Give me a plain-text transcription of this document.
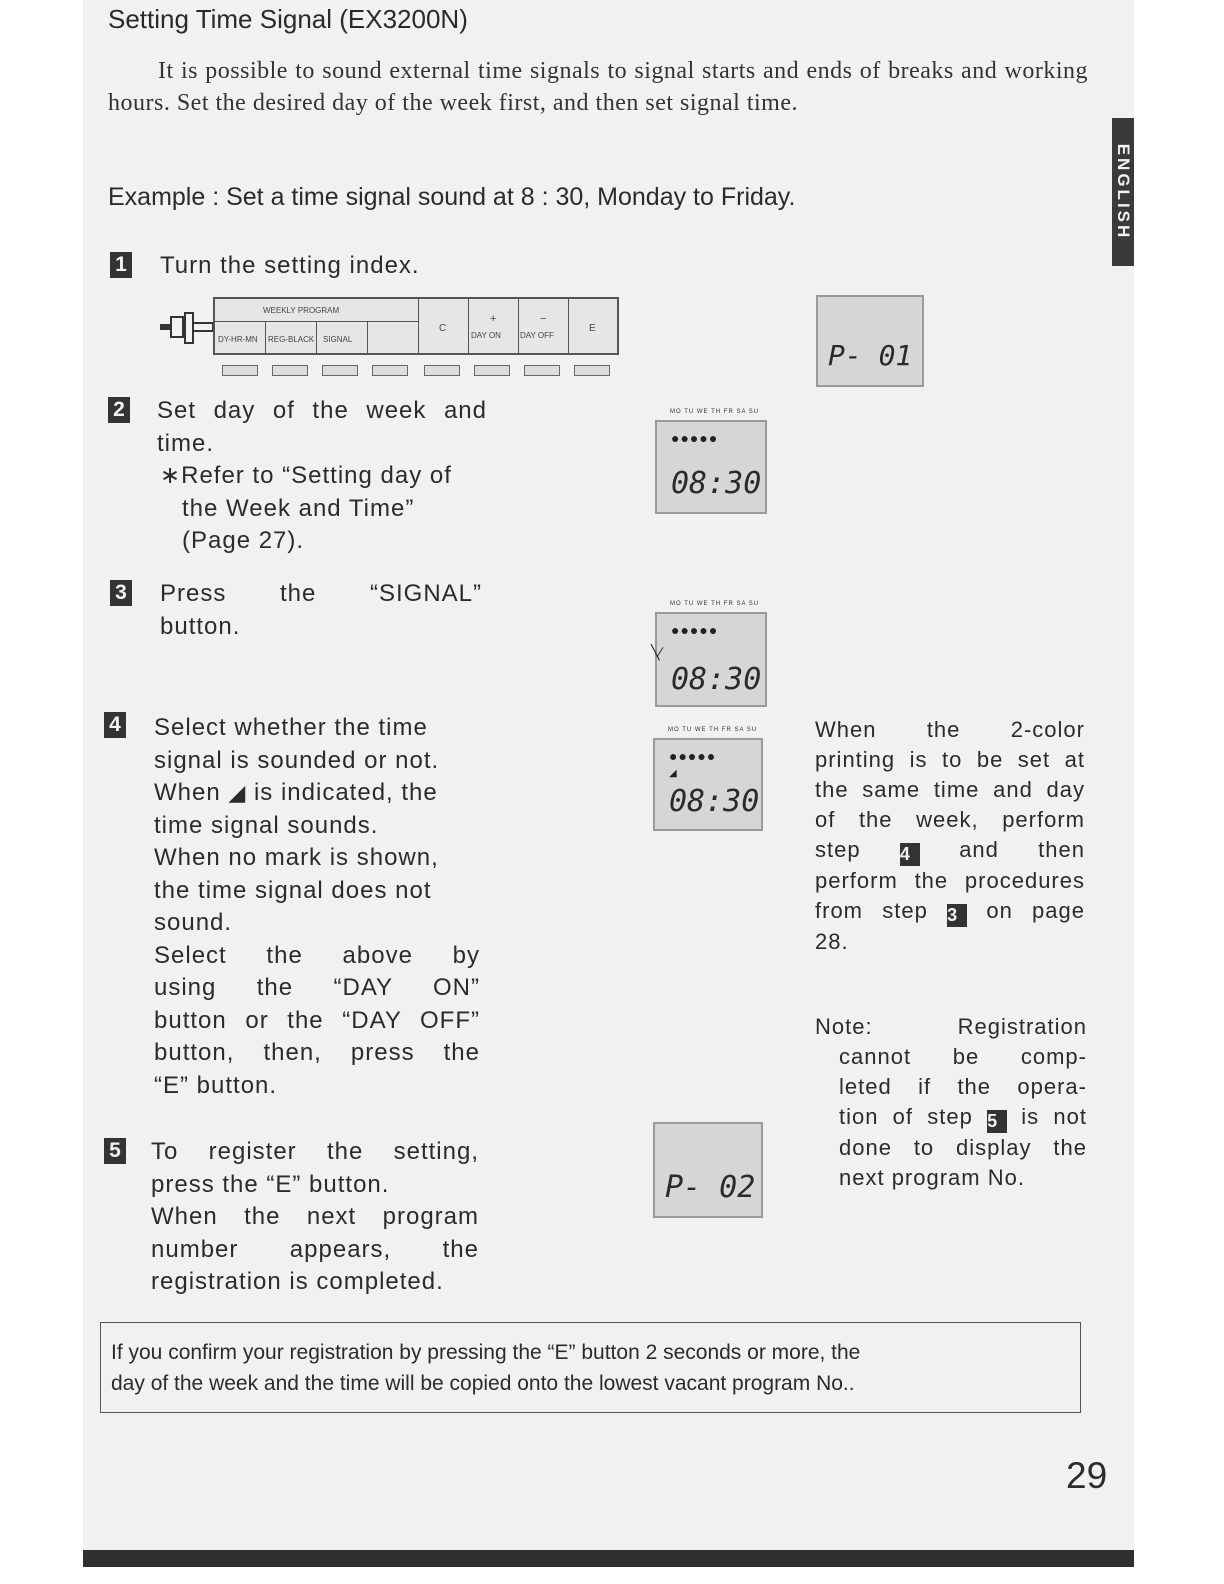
ENGLISH
Setting Time Signal (EX3200N)
It is possible to sound external time signals to signal starts and ends of breaks and working hours. Set the desired day of the week first, and then set signal time.
Example : Set a time signal sound at 8 : 30, Monday to Friday.
1 Turn the setting index.
WEEKLY PROGRAM
DY-HR-MN REG-BLACK SIGNAL
C
+
DAY ON
−
DAY OFF
E
P- 01
2 Set day of the week and

time.

∗Refer to “Setting day of

the Week and Time”

(Page 27).

MO TU WE TH FR SA SU
●●●●●
08:30
3 Press the “SIGNAL”

button.

MO TU WE TH FR SA SU
●●●●●
╲∕
08:30
4 Select whether the time

signal is sounded or not.

When ◢ is indicated, the

time signal sounds.

When no mark is shown,

the time signal does not

sound.

Select the above by

using the “DAY ON”

button or the “DAY OFF”

button, then, press the

“E” button.

MO TU WE TH FR SA SU
●●●●●
◢
08:30

When the 2-color

printing is to be set at

the same time and day

of the week, perform

step 4 and then

perform the procedures

from step 3 on page

28.

Note: Registration

cannot be comp-

leted if the opera-

tion of step 5 is not

done to display the

next program No.

5 To register the setting,

press the “E” button.

When the next program

number appears, the

registration is completed.

P- 02
If you confirm your registration by pressing the “E” button 2 seconds or more, the
day of the week and the time will be copied onto the lowest vacant program No..
29
